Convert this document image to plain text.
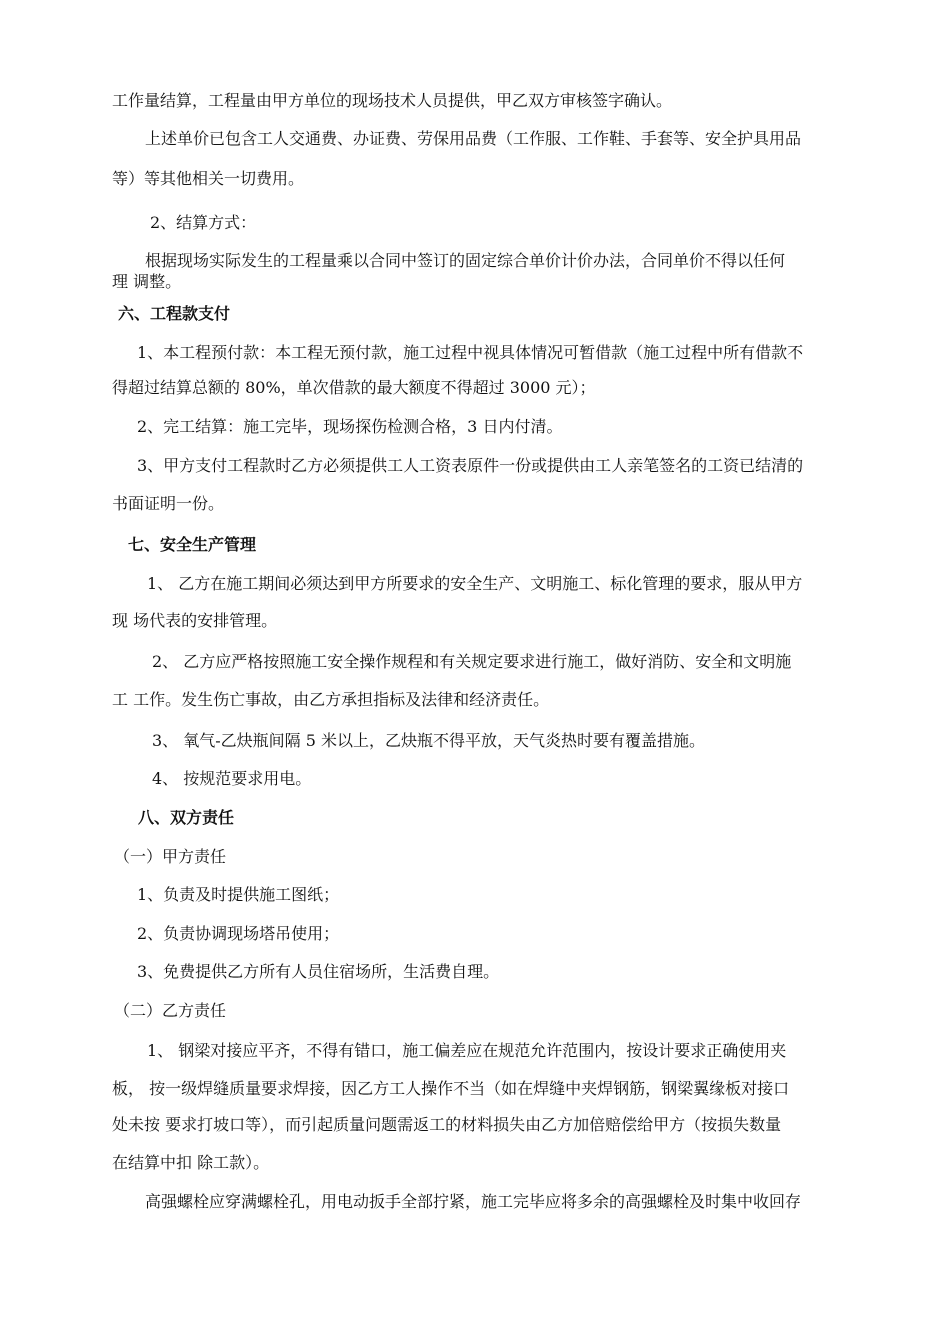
工作量结算，工程量由甲方单位的现场技术人员提供，甲乙双方审核签字确认。
上述单价已包含工人交通费、办证费、劳保用品费（工作服、工作鞋、手套等、安全护具用品
等）等其他相关一切费用。
2、结算方式：
根据现场实际发生的工程量乘以合同中签订的固定综合单价计价办法，合同单价不得以任何
理 调整。
六、工程款支付
1、本工程预付款：本工程无预付款，施工过程中视具体情况可暂借款（施工过程中所有借款不
得超过结算总额的 80%，单次借款的最大额度不得超过 3000 元）；
2、完工结算：施工完毕，现场探伤检测合格，3 日内付清。
3、甲方支付工程款时乙方必须提供工人工资表原件一份或提供由工人亲笔签名的工资已结清的
书面证明一份。
七、安全生产管理
1、 乙方在施工期间必须达到甲方所要求的安全生产、文明施工、标化管理的要求，服从甲方
现 场代表的安排管理。
2、 乙方应严格按照施工安全操作规程和有关规定要求进行施工，做好消防、安全和文明施
工 工作。发生伤亡事故，由乙方承担指标及法律和经济责任。
3、 氧气-乙炔瓶间隔 5 米以上，乙炔瓶不得平放，天气炎热时要有覆盖措施。
4、 按规范要求用电。
八、双方责任
（一）甲方责任
1、负责及时提供施工图纸；
2、负责协调现场塔吊使用；
3、免费提供乙方所有人员住宿场所，生活费自理。
（二）乙方责任
1、 钢梁对接应平齐，不得有错口，施工偏差应在规范允许范围内，按设计要求正确使用夹
板， 按一级焊缝质量要求焊接，因乙方工人操作不当（如在焊缝中夹焊钢筋，钢梁翼缘板对接口
处未按 要求打坡口等），而引起质量问题需返工的材料损失由乙方加倍赔偿给甲方（按损失数量
在结算中扣 除工款）。
高强螺栓应穿满螺栓孔，用电动扳手全部拧紧，施工完毕应将多余的高强螺栓及时集中收回存
